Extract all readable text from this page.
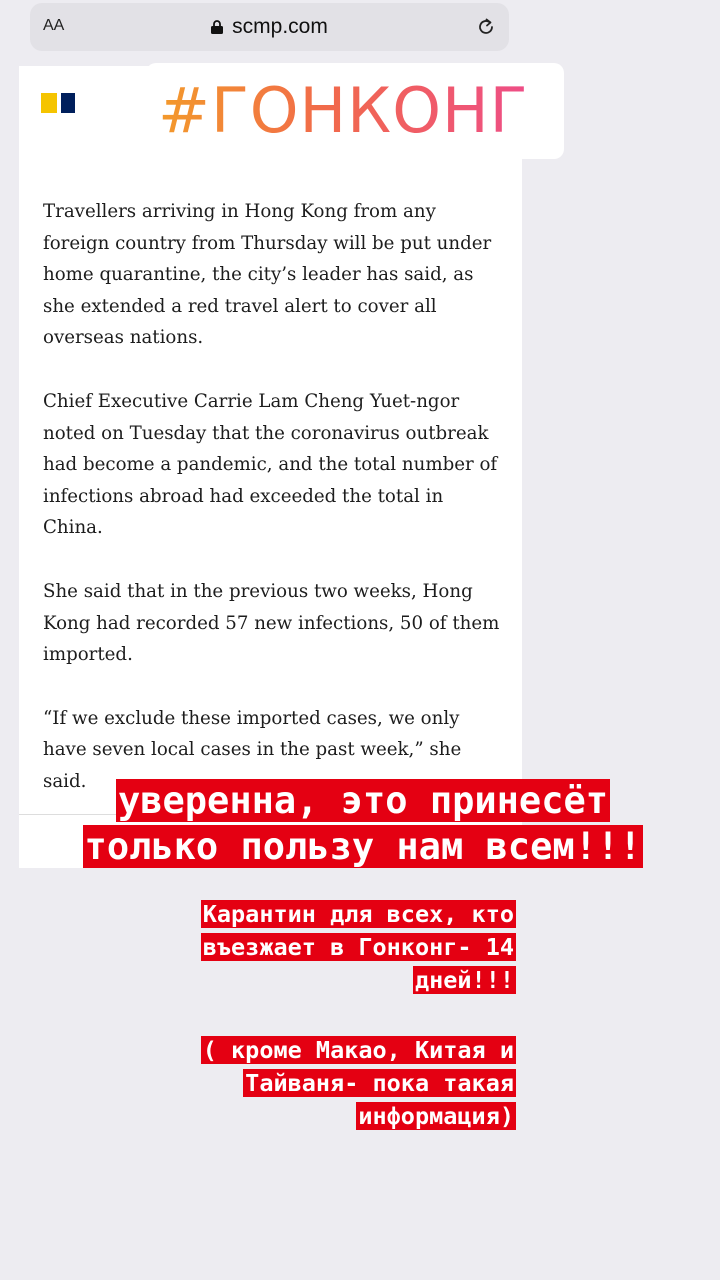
AA	scmp.com
#ГОНКОНГ

Travellers arriving in Hong Kong from any foreign country from Thursday will be put under home quarantine, the city’s leader has said, as she extended a red travel alert to cover all overseas nations.

Chief Executive Carrie Lam Cheng Yuet-ngor noted on Tuesday that the coronavirus outbreak had become a pandemic, and the total number of infections abroad had exceeded the total in China.

She said that in the previous two weeks, Hong Kong had recorded 57 new infections, 50 of them imported.

“If we exclude these imported cases, we only have seven local cases in the past week,” she said. уверенна, это принесёт только пользу нам всем!!!
Карантин для всех, кто въезжает в Гонконг- 14 дней!!!
( кроме Макао, Китая и Тайваня- пока такая информация)
